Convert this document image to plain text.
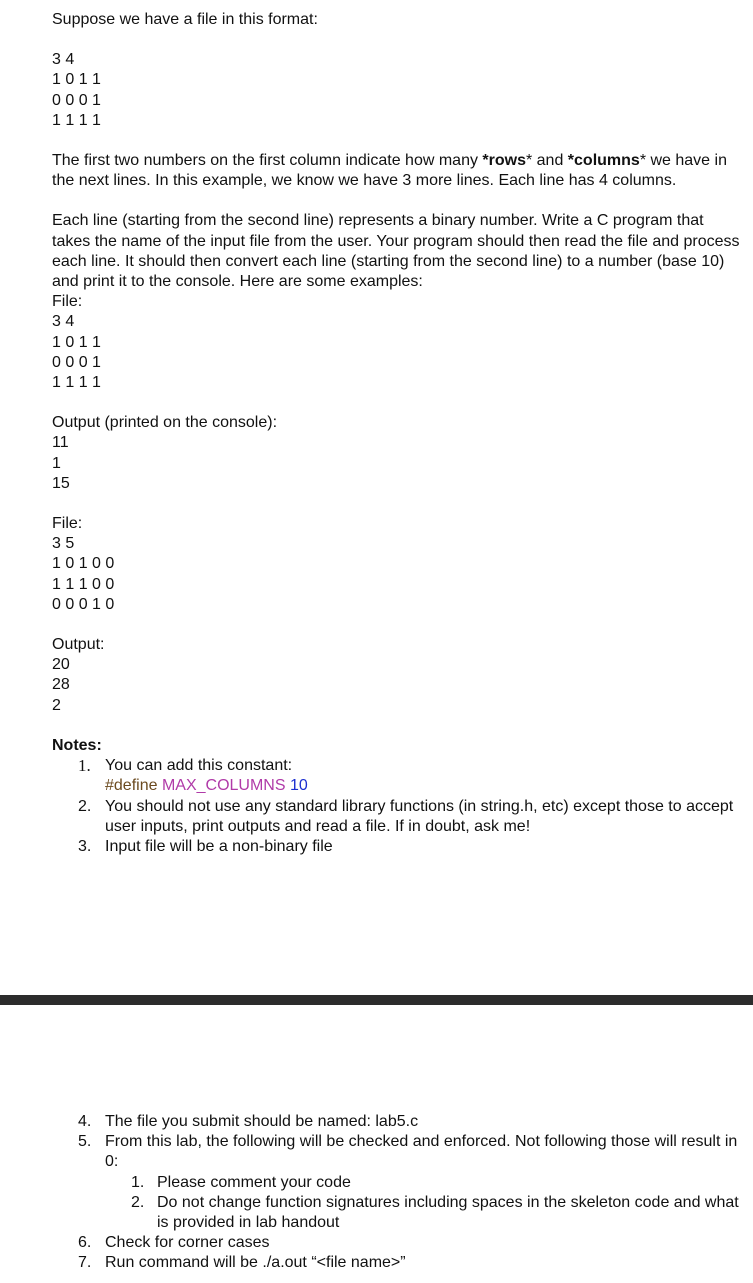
Suppose we have a file in this format:
3 4
1 0 1 1
0 0 0 1
1 1 1 1
The first two numbers on the first column indicate how many *rows* and *columns* we have in the next lines. In this example, we know we have 3 more lines. Each line has 4 columns.
Each line (starting from the second line) represents a binary number. Write a C program that takes the name of the input file from the user. Your program should then read the file and process each line. It should then convert each line (starting from the second line) to a number (base 10) and print it to the console. Here are some examples:
File:
3 4
1 0 1 1
0 0 0 1
1 1 1 1
Output (printed on the console):
11
1
15
File:
3 5
1 0 1 0 0
1 1 1 0 0
0 0 0 1 0
Output:
20
28
2
Notes:
1. You can add this constant:
#define MAX_COLUMNS 10
2. You should not use any standard library functions (in string.h, etc) except those to accept user inputs, print outputs and read a file. If in doubt, ask me!
3. Input file will be a non-binary file
4. The file you submit should be named: lab5.c
5. From this lab, the following will be checked and enforced. Not following those will result in 0:
1. Please comment your code
2. Do not change function signatures including spaces in the skeleton code and what is provided in lab handout
6. Check for corner cases
7. Run command will be ./a.out “<file name>”
